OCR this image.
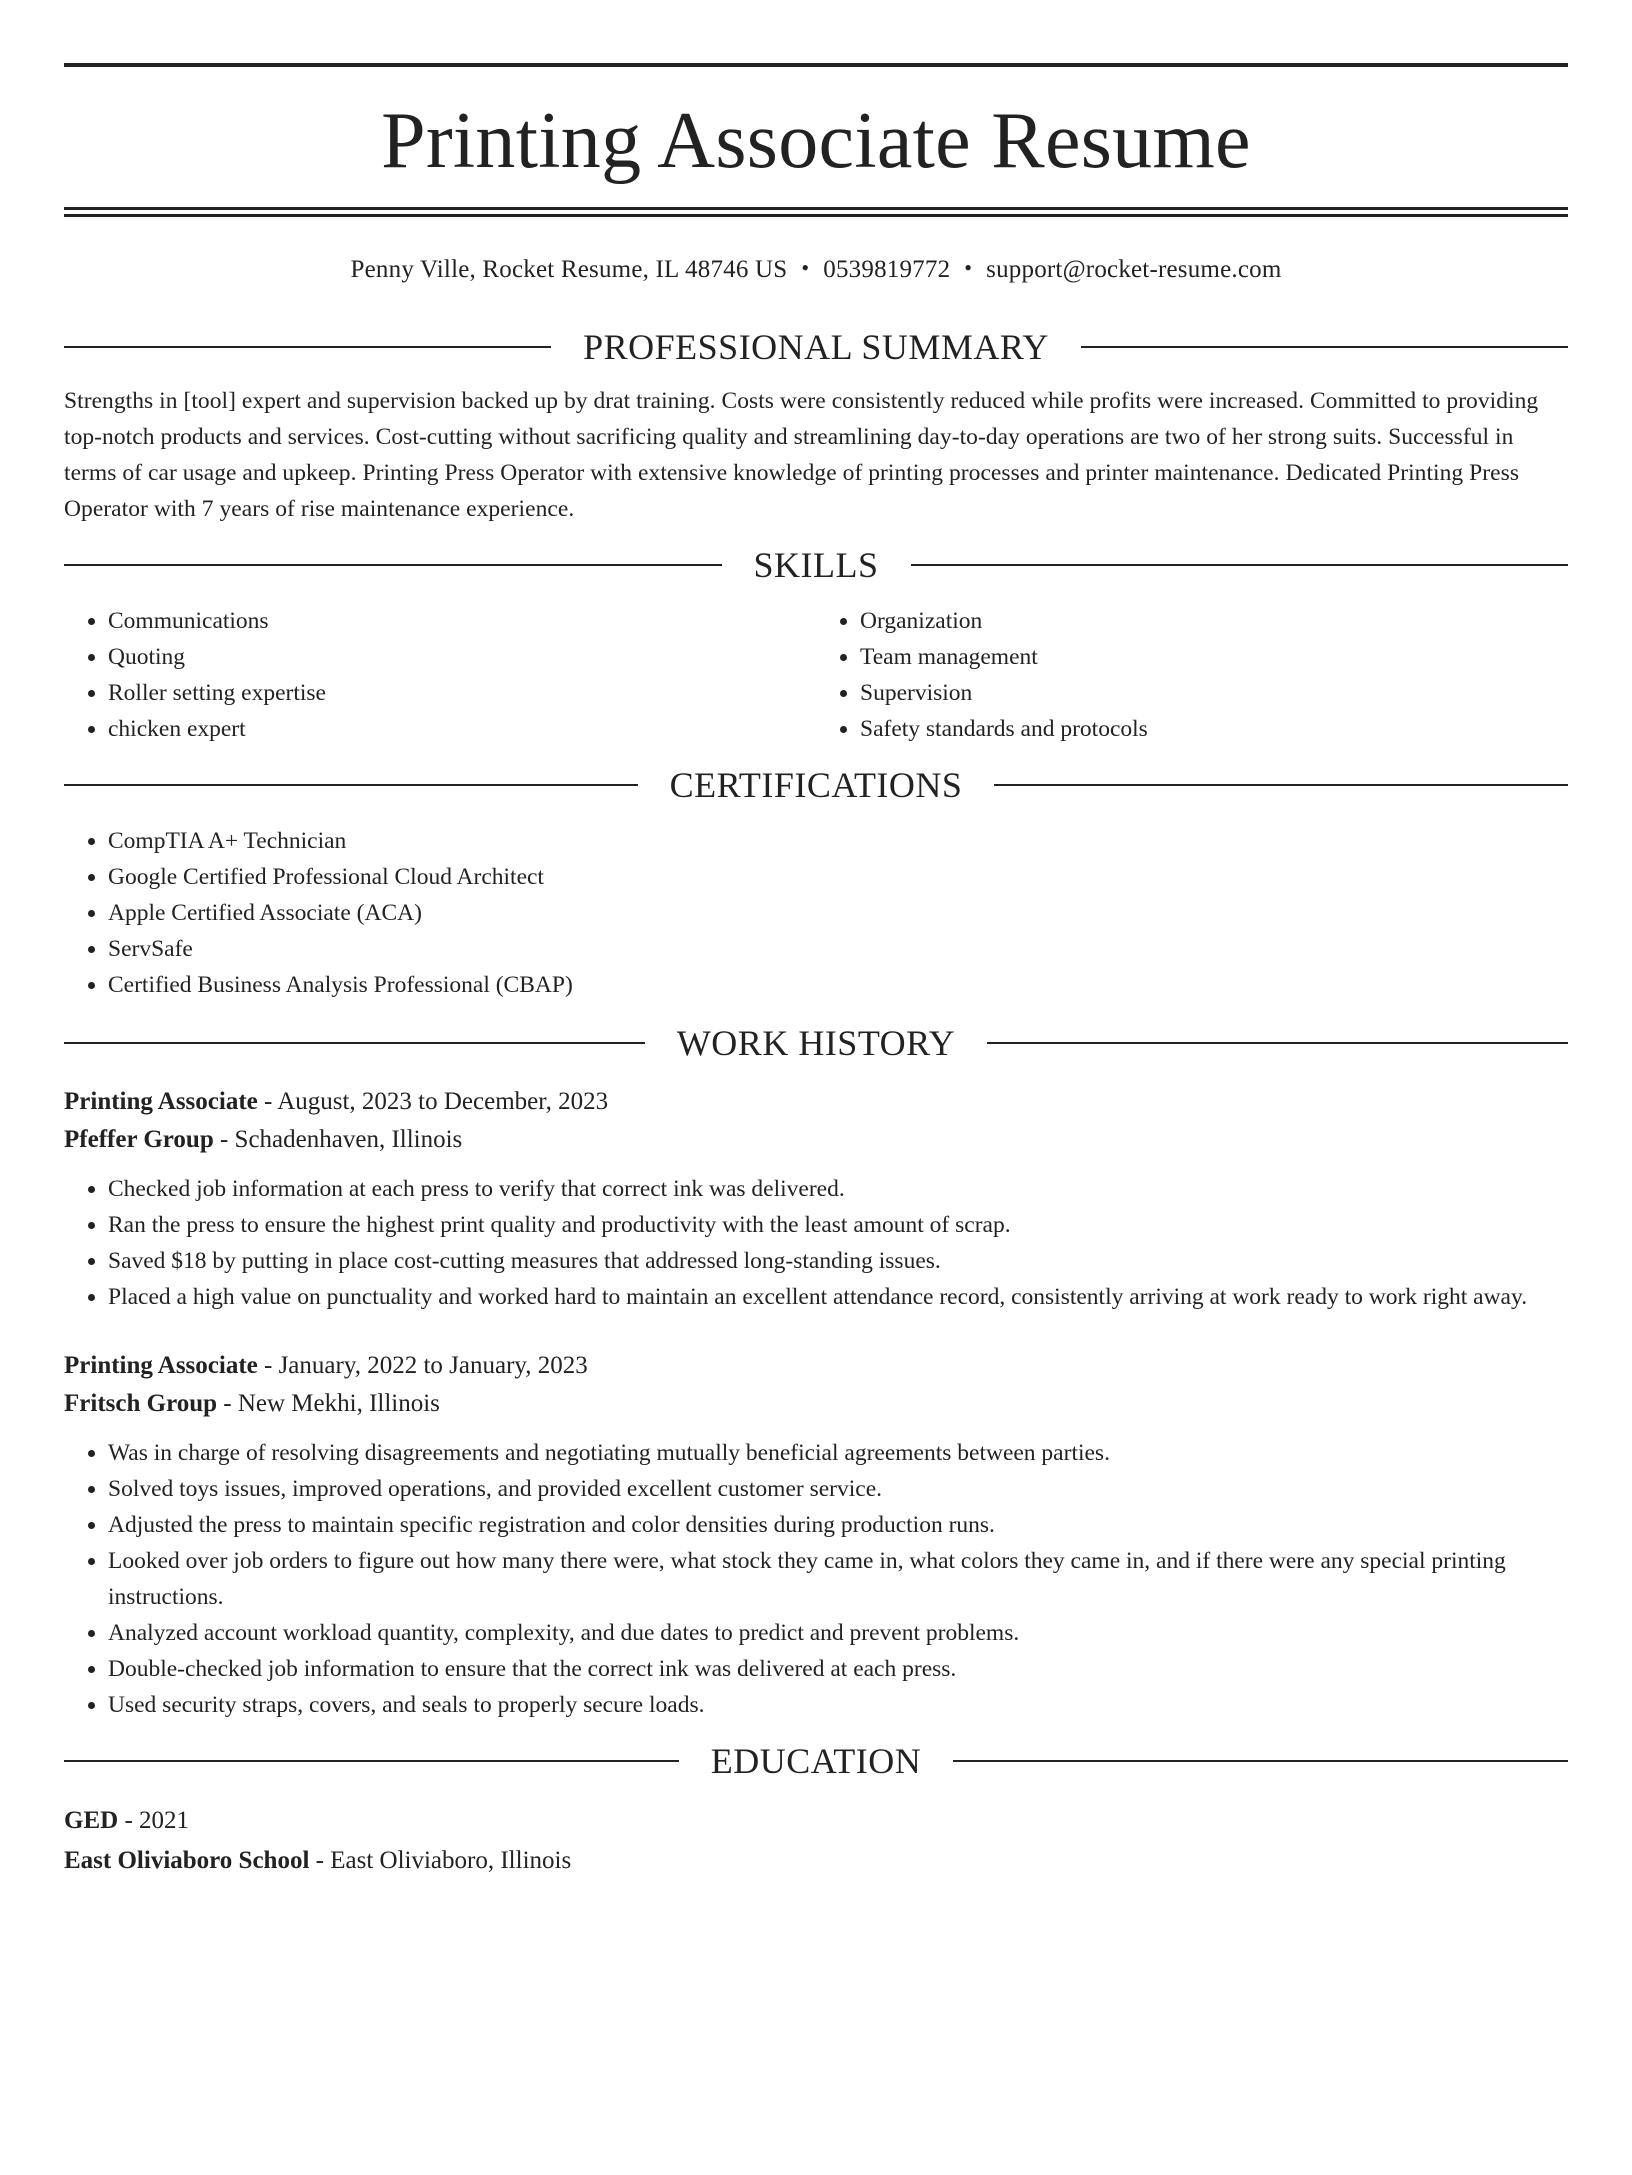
Printing Associate Resume
Penny Ville, Rocket Resume, IL 48746 US • 0539819772 • support@rocket-resume.com
PROFESSIONAL SUMMARY
Strengths in [tool] expert and supervision backed up by drat training. Costs were consistently reduced while profits were increased. Committed to providing top-notch products and services. Cost-cutting without sacrificing quality and streamlining day-to-day operations are two of her strong suits. Successful in terms of car usage and upkeep. Printing Press Operator with extensive knowledge of printing processes and printer maintenance. Dedicated Printing Press Operator with 7 years of rise maintenance experience.
SKILLS
• Communications
• Quoting
• Roller setting expertise
• chicken expert
• Organization
• Team management
• Supervision
• Safety standards and protocols
CERTIFICATIONS
• CompTIA A+ Technician
• Google Certified Professional Cloud Architect
• Apple Certified Associate (ACA)
• ServSafe
• Certified Business Analysis Professional (CBAP)
WORK HISTORY
Printing Associate - August, 2023 to December, 2023
Pfeffer Group - Schadenhaven, Illinois
• Checked job information at each press to verify that correct ink was delivered.
• Ran the press to ensure the highest print quality and productivity with the least amount of scrap.
• Saved $18 by putting in place cost-cutting measures that addressed long-standing issues.
• Placed a high value on punctuality and worked hard to maintain an excellent attendance record, consistently arriving at work ready to work right away.
Printing Associate - January, 2022 to January, 2023
Fritsch Group - New Mekhi, Illinois
• Was in charge of resolving disagreements and negotiating mutually beneficial agreements between parties.
• Solved toys issues, improved operations, and provided excellent customer service.
• Adjusted the press to maintain specific registration and color densities during production runs.
• Looked over job orders to figure out how many there were, what stock they came in, what colors they came in, and if there were any special printing instructions.
• Analyzed account workload quantity, complexity, and due dates to predict and prevent problems.
• Double-checked job information to ensure that the correct ink was delivered at each press.
• Used security straps, covers, and seals to properly secure loads.
EDUCATION
GED - 2021
East Oliviaboro School - East Oliviaboro, Illinois
